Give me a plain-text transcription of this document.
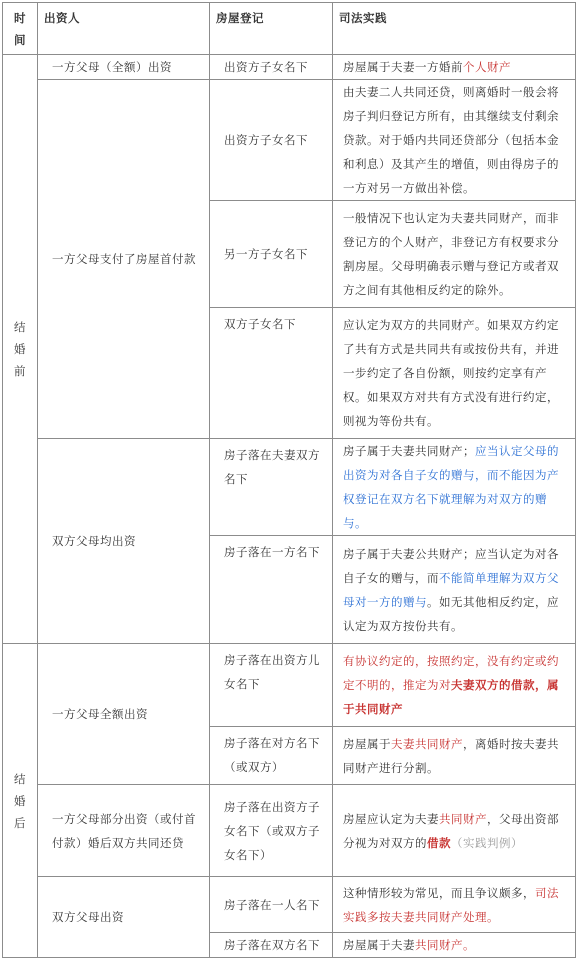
时
间	出资人	房屋登记	司法实践
结
婚
前	一方父母（全额）出资	出资方子女名下	房屋属于夫妻一方婚前个人财产
	一方父母支付了房屋首付款	出资方子女名下	由夫妻二人共同还贷，则离婚时一般会将房子判归登记方所有，由其继续支付剩余贷款。对于婚内共同还贷部分（包括本金和利息）及其产生的增值，则由得房子的一方对另一方做出补偿。
		另一方子女名下	一般情况下也认定为夫妻共同财产，而非登记方的个人财产，非登记方有权要求分割房屋。父母明确表示赠与登记方或者双方之间有其他相反约定的除外。
		双方子女名下	应认定为双方的共同财产。如果双方约定了共有方式是共同共有或按份共有，并进一步约定了各自份额，则按约定享有产权。如果双方对共有方式没有进行约定，则视为等份共有。
	双方父母均出资	房子落在夫妻双方名下	房子属于夫妻共同财产；应当认定父母的出资为对各自子女的赠与，而不能因为产权登记在双方名下就理解为对双方的赠与。
		房子落在一方名下	房子属于夫妻公共财产；应当认定为对各自子女的赠与，而不能简单理解为双方父母对一方的赠与。如无其他相反约定，应认定为双方按份共有。
结
婚
后	一方父母全额出资	房子落在出资方儿女名下	有协议约定的，按照约定，没有约定或约定不明的，推定为对夫妻双方的借款，属于共同财产
		房子落在对方名下（或双方）	房屋属于夫妻共同财产，离婚时按夫妻共同财产进行分割。
	一方父母部分出资（或付首付款）婚后双方共同还贷	房子落在出资方子女名下（或双方子女名下）	房屋应认定为夫妻共同财产，父母出资部分视为对双方的借款（实践判例）
	双方父母出资	房子落在一人名下	这种情形较为常见，而且争议颇多，司法实践多按夫妻共同财产处理。
		房子落在双方名下	房屋属于夫妻共同财产。
